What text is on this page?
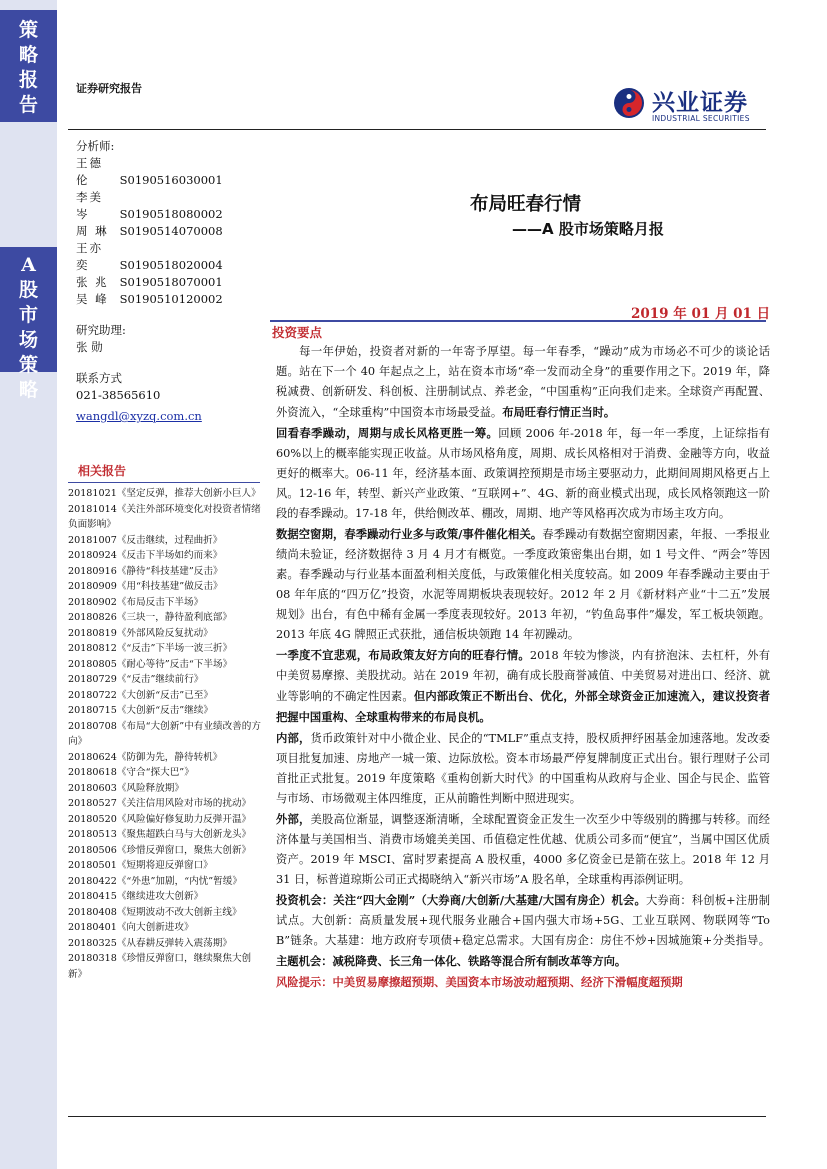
策
略
报
告
A
股
市
场
策
略
证券研究报告
兴业证券
INDUSTRIAL SECURITIES
分析师:
王德伦	S0190516030001
李美岑	S0190518080002
周 琳 S0190514070008
王亦奕	S0190518020004
张 兆 S0190518070001
吴 峰 S0190510120002
研究助理:
张 勋
联系方式
021-38565610
wangdl@xyzq.com.cn
相关报告
20181021《坚定反弹，推荐大创新小巨人》
20181014《关注外部环境变化对投资者情绪负面影响》
20181007《反击继续，过程曲折》
20180924《反击下半场如约而来》
20180916《静待“科技基建”反击》
20180909《用“科技基建”做反击》
20180902《布局反击下半场》
20180826《三块一，静待盈利底部》
20180819《外部风险反复扰动》
20180812《“反击”下半场一波三折》
20180805《耐心等待”反击“下半场》
20180729《“反击”继续前行》
20180722《大创新“反击”已至》
20180715《大创新“反击”继续》
20180708《布局“大创新”中有业绩改善的方向》
20180624《防御为先，静待转机》
20180618《守合“探大巴”》
20180603《风险释放期》
20180527《关注信用风险对市场的扰动》
20180520《风险偏好修复助力反弹开温》
20180513《聚焦超跌白马与大创新龙头》
20180506《珍惜反弹窗口，聚焦大创新》
20180501《短期将迎反弹窗口》
20180422《“外患”加剧，“内忧”暂缓》
20180415《继续进攻大创新》
20180408《短期波动不改大创新主线》
20180401《向大创新进攻》
20180325《从春耕反弹转入震荡期》
20180318《珍惜反弹窗口，继续聚焦大创新》
布局旺春行情
——A 股市场策略月报
2019 年 01 月 01 日
投资要点

  每一年伊始，投资者对新的一年寄予厚望。每一年春季，“躁动”成为市场必不可少的谈论话题。站在下一个 40 年起点之上，站在资本市场“牵一发而动全身”的重要作用之下。2019 年，降税减费、创新研发、科创板、注册制试点、养老金，“中国重构”正向我们走来。全球资产再配置、外资流入，“全球重构”中国资本市场最受益。布局旺春行情正当时。

回看春季躁动，周期与成长风格更胜一筹。回顾 2006 年-2018 年，每一年一季度，上证综指有 60%以上的概率能实现正收益。从市场风格角度，周期、成长风格相对于消费、金融等方向，收益更好的概率大。06-11 年，经济基本面、政策调控预期是市场主要驱动力，此期间周期风格更占上风。12-16 年，转型、新兴产业政策、“互联网+”、4G、新的商业模式出现，成长风格领跑这一阶段的春季躁动。17-18 年，供给侧改革、棚改，周期、地产等风格再次成为市场主攻方向。

数据空窗期，春季躁动行业多与政策/事件催化相关。春季躁动有数据空窗期因素，年报、一季报业绩尚未验证，经济数据待 3 月 4 月才有概览。一季度政策密集出台期，如 1 号文件、“两会”等因素。春季躁动与行业基本面盈利相关度低，与政策催化相关度较高。如 2009 年春季躁动主要由于 08 年年底的“四万亿”投资，水泥等周期板块表现较好。2012 年 2 月《新材料产业“十二五”发展规划》出台，有色中稀有金属一季度表现较好。2013 年初，“钓鱼岛事件”爆发，军工板块领跑。2013 年底 4G 牌照正式获批，通信板块领跑 14 年初躁动。

一季度不宜悲观，布局政策友好方向的旺春行情。2018 年较为惨淡，内有挤泡沫、去杠杆，外有中美贸易摩擦、美股扰动。站在 2019 年初，确有成长股商誉减值、中美贸易对进出口、经济、就业等影响的不确定性因素。但内部政策正不断出台、优化，外部全球资金正加速流入，建议投资者把握中国重构、全球重构带来的布局良机。

内部，货币政策针对中小微企业、民企的“TMLF”重点支持，股权质押纾困基金加速落地。发改委项目批复加速、房地产一城一策、边际放松。资本市场最严停复牌制度正式出台。银行理财子公司首批正式批复。2019 年度策略《重构创新大时代》的中国重构从政府与企业、国企与民企、监管与市场、市场微观主体四维度，正从前瞻性判断中照进现实。

外部，美股高位渐显，调整逐渐清晰，全球配置资金正发生一次至少中等级别的腾挪与转移。而经济体量与美国相当、消费市场媲美美国、币值稳定性优越、优质公司多而“便宜”，当属中国区优质资产。2019 年 MSCI、富时罗素提高 A 股权重，4000 多亿资金已是箭在弦上。2018 年 12 月 31 日，标普道琼斯公司正式揭晓纳入“新兴市场”A 股名单，全球重构再添例证明。

投资机会：关注“四大金刚”（大券商/大创新/大基建/大国有房企）机会。大券商：科创板+注册制试点。大创新：高质量发展+现代服务业融合+国内强大市场+5G、工业互联网、物联网等“To B”链条。大基建：地方政府专项债+稳定总需求。大国有房企：房住不炒+因城施策+分类指导。主题机会：减税降费、长三角一体化、铁路等混合所有制改革等方向。

风险提示：中美贸易摩擦超预期、美国资本市场波动超预期、经济下滑幅度超预期
